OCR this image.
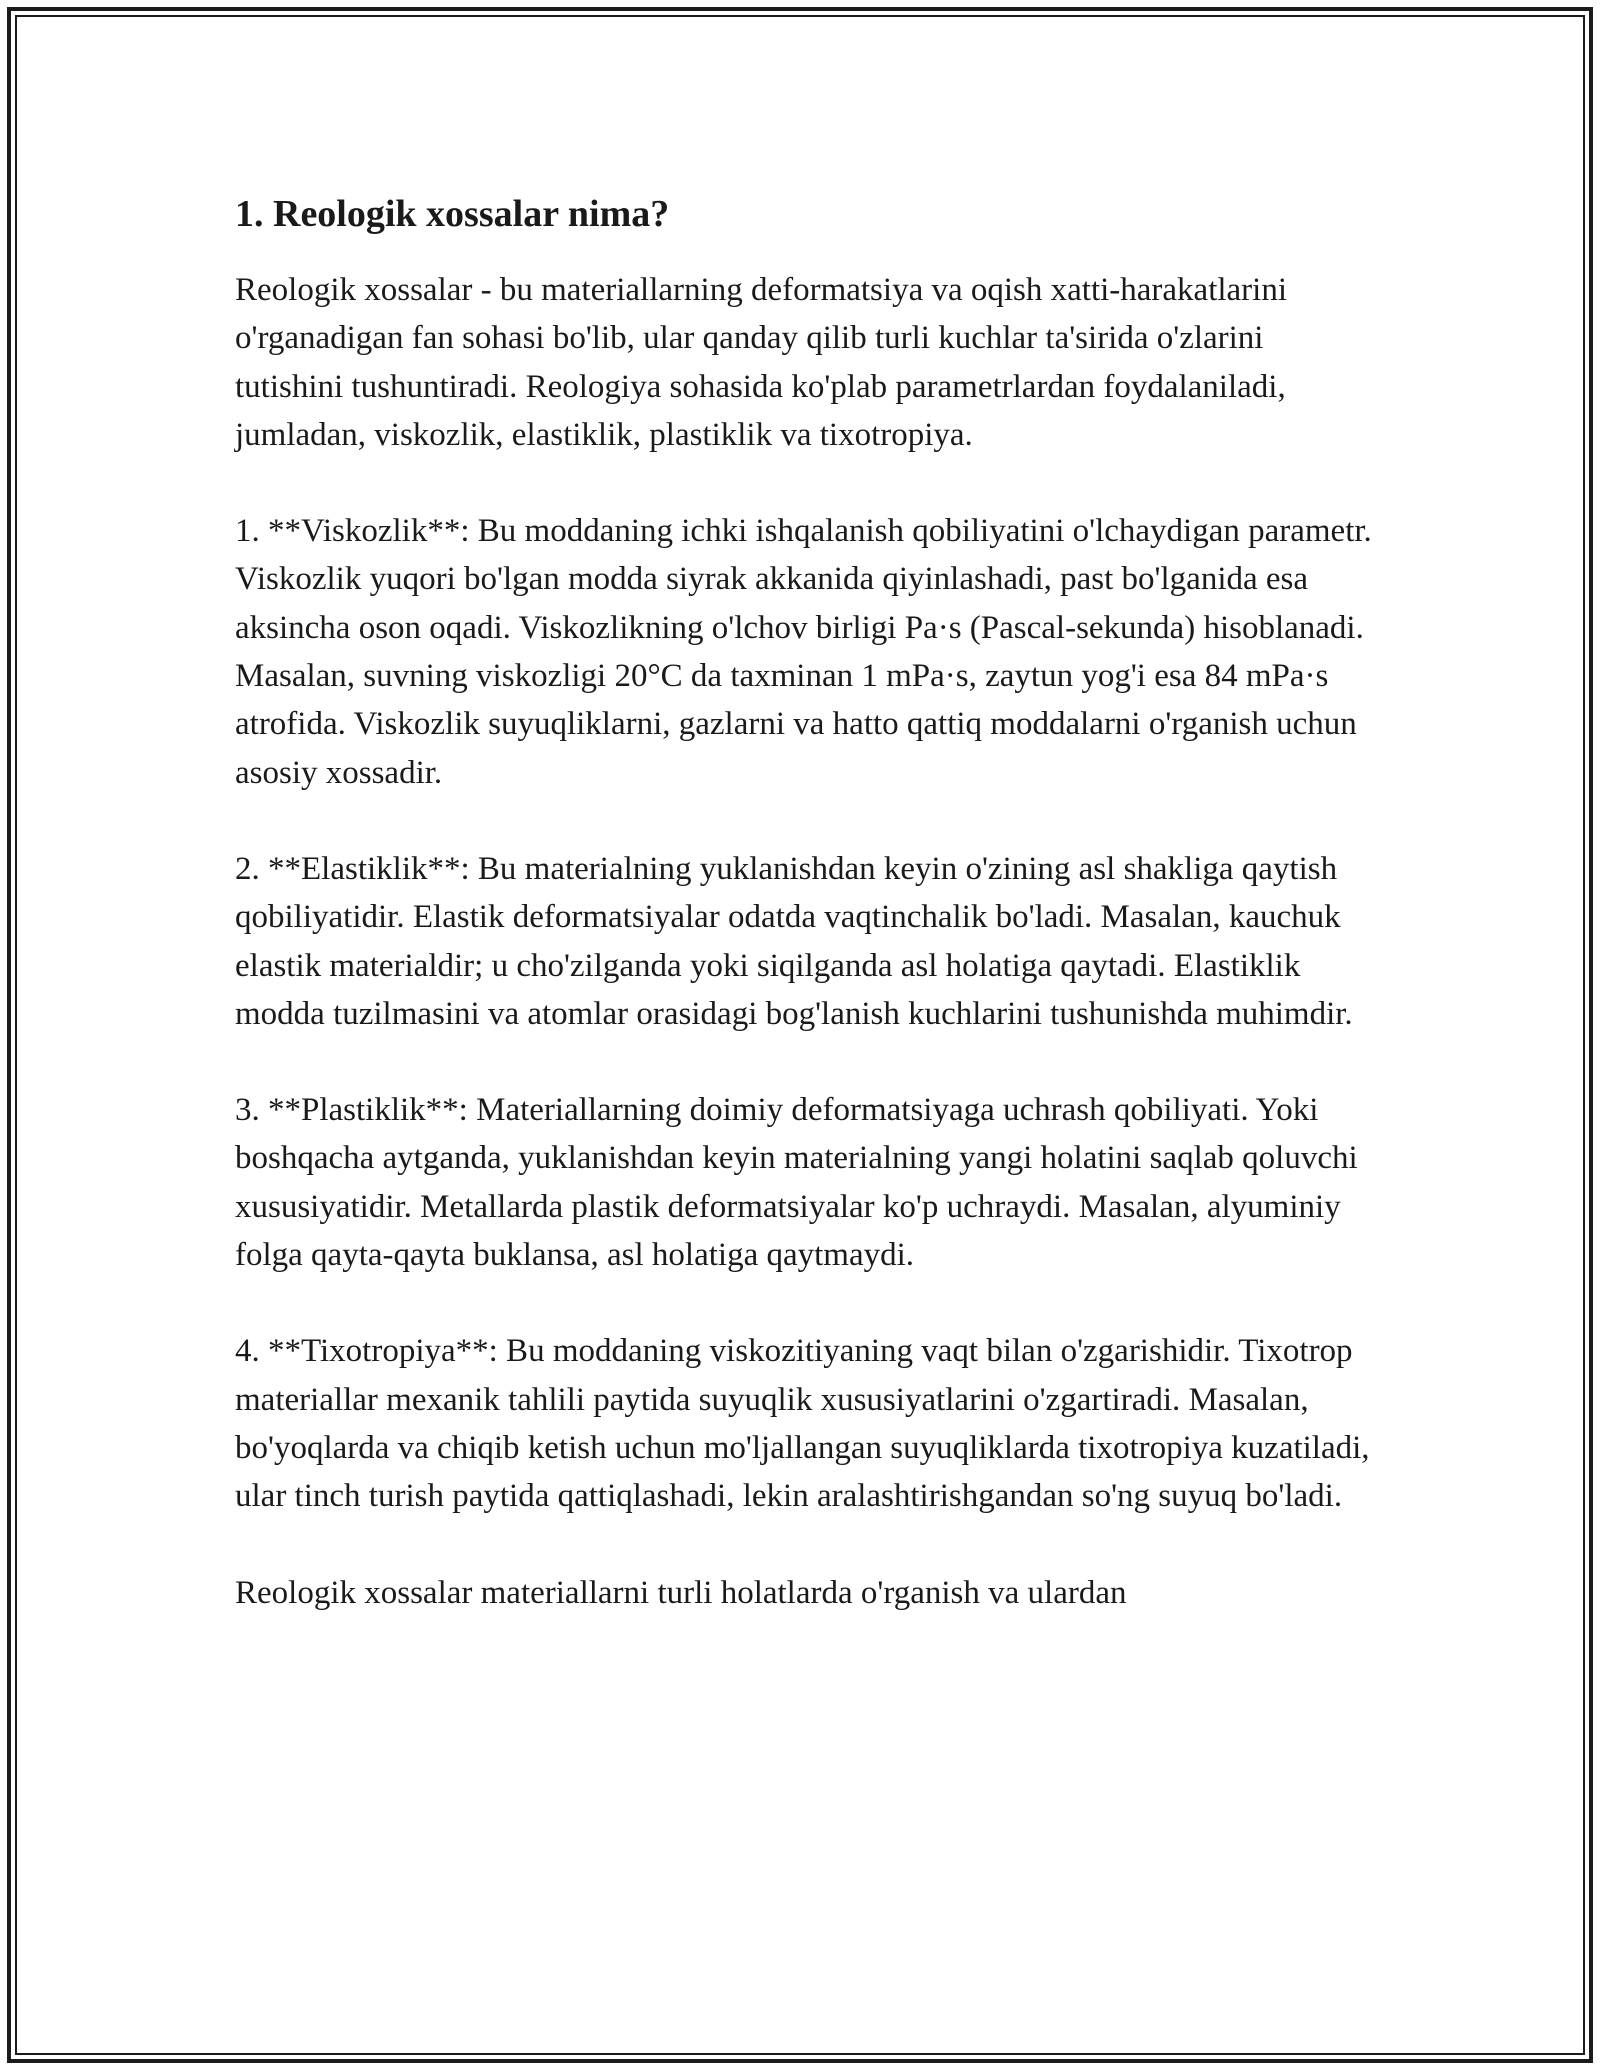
1. Reologik xossalar nima?

Reologik xossalar - bu materiallarning deformatsiya va oqish xatti-harakatlarini o'rganadigan fan sohasi bo'lib, ular qanday qilib turli kuchlar ta'sirida o'zlarini tutishini tushuntiradi. Reologiya sohasida ko'plab parametrlardan foydalaniladi, jumladan, viskozlik, elastiklik, plastiklik va tixotropiya.

1. **Viskozlik**: Bu moddaning ichki ishqalanish qobiliyatini o'lchaydigan parametr. Viskozlik yuqori bo'lgan modda siyrak akkanida qiyinlashadi, past bo'lganida esa aksincha oson oqadi. Viskozlikning o'lchov birligi Pa·s (Pascal-sekunda) hisoblanadi. Masalan, suvning viskozligi 20°C da taxminan 1 mPa·s, zaytun yog'i esa 84 mPa·s atrofida. Viskozlik suyuqliklarni, gazlarni va hatto qattiq moddalarni o'rganish uchun asosiy xossadir.

2. **Elastiklik**: Bu materialning yuklanishdan keyin o'zining asl shakliga qaytish qobiliyatidir. Elastik deformatsiyalar odatda vaqtinchalik bo'ladi. Masalan, kauchuk elastik materialdir; u cho'zilganda yoki siqilganda asl holatiga qaytadi. Elastiklik modda tuzilmasini va atomlar orasidagi bog'lanish kuchlarini tushunishda muhimdir.

3. **Plastiklik**: Materiallarning doimiy deformatsiyaga uchrash qobiliyati. Yoki boshqacha aytganda, yuklanishdan keyin materialning yangi holatini saqlab qoluvchi xususiyatidir. Metallarda plastik deformatsiyalar ko'p uchraydi. Masalan, alyuminiy folga qayta-qayta buklansa, asl holatiga qaytmaydi.

4. **Tixotropiya**: Bu moddaning viskozitiyaning vaqt bilan o'zgarishidir. Tixotrop materiallar mexanik tahlili paytida suyuqlik xususiyatlarini o'zgartiradi. Masalan, bo'yoqlarda va chiqib ketish uchun mo'ljallangan suyuqliklarda tixotropiya kuzatiladi, ular tinch turish paytida qattiqlashadi, lekin aralashtirishgandan so'ng suyuq bo'ladi.

Reologik xossalar materiallarni turli holatlarda o'rganish va ulardan
